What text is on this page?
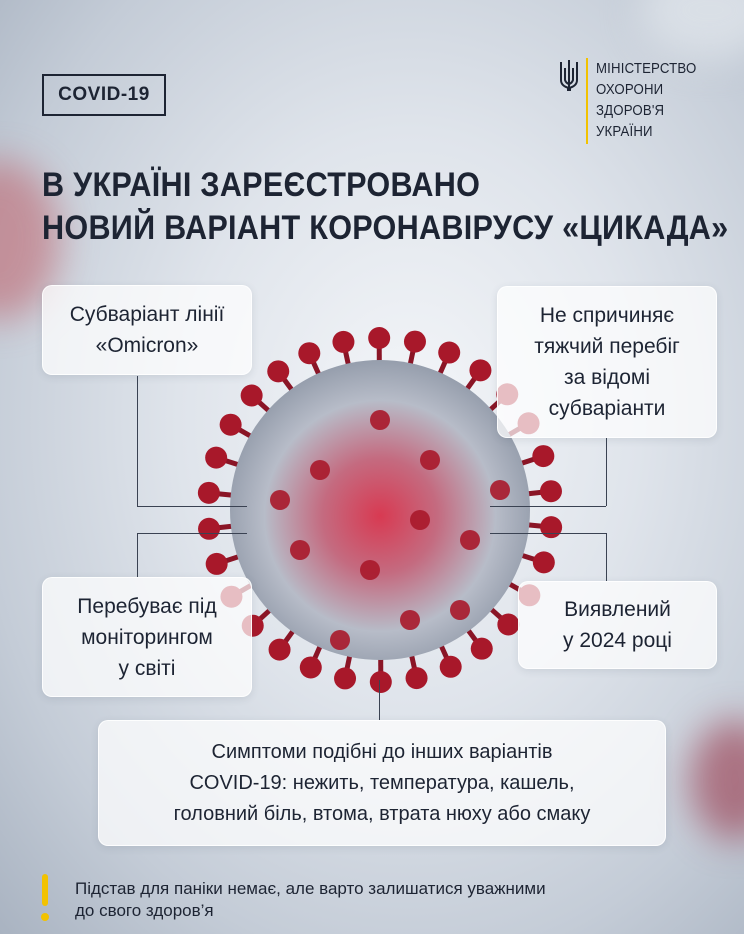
COVID-19
МІНІСТЕРСТВО
ОХОРОНИ
ЗДОРОВ'Я
УКРАЇНИ
В УКРАЇНІ ЗАРЕЄСТРОВАНО
НОВИЙ ВАРІАНТ КОРОНАВІРУСУ «ЦИКАДА»
Субваріант лінії
«Omicron»
Не спричиняє
тяжчий перебіг
за відомі
субваріанти
Перебуває під
моніторингом
у світі
Виявлений
у 2024 році
Симптоми подібні до інших варіантів
COVID-19: нежить, температура, кашель,
головний біль, втома, втрата нюху або смаку
Підстав для паніки немає, але варто залишатися уважними
до свого здоров’я
